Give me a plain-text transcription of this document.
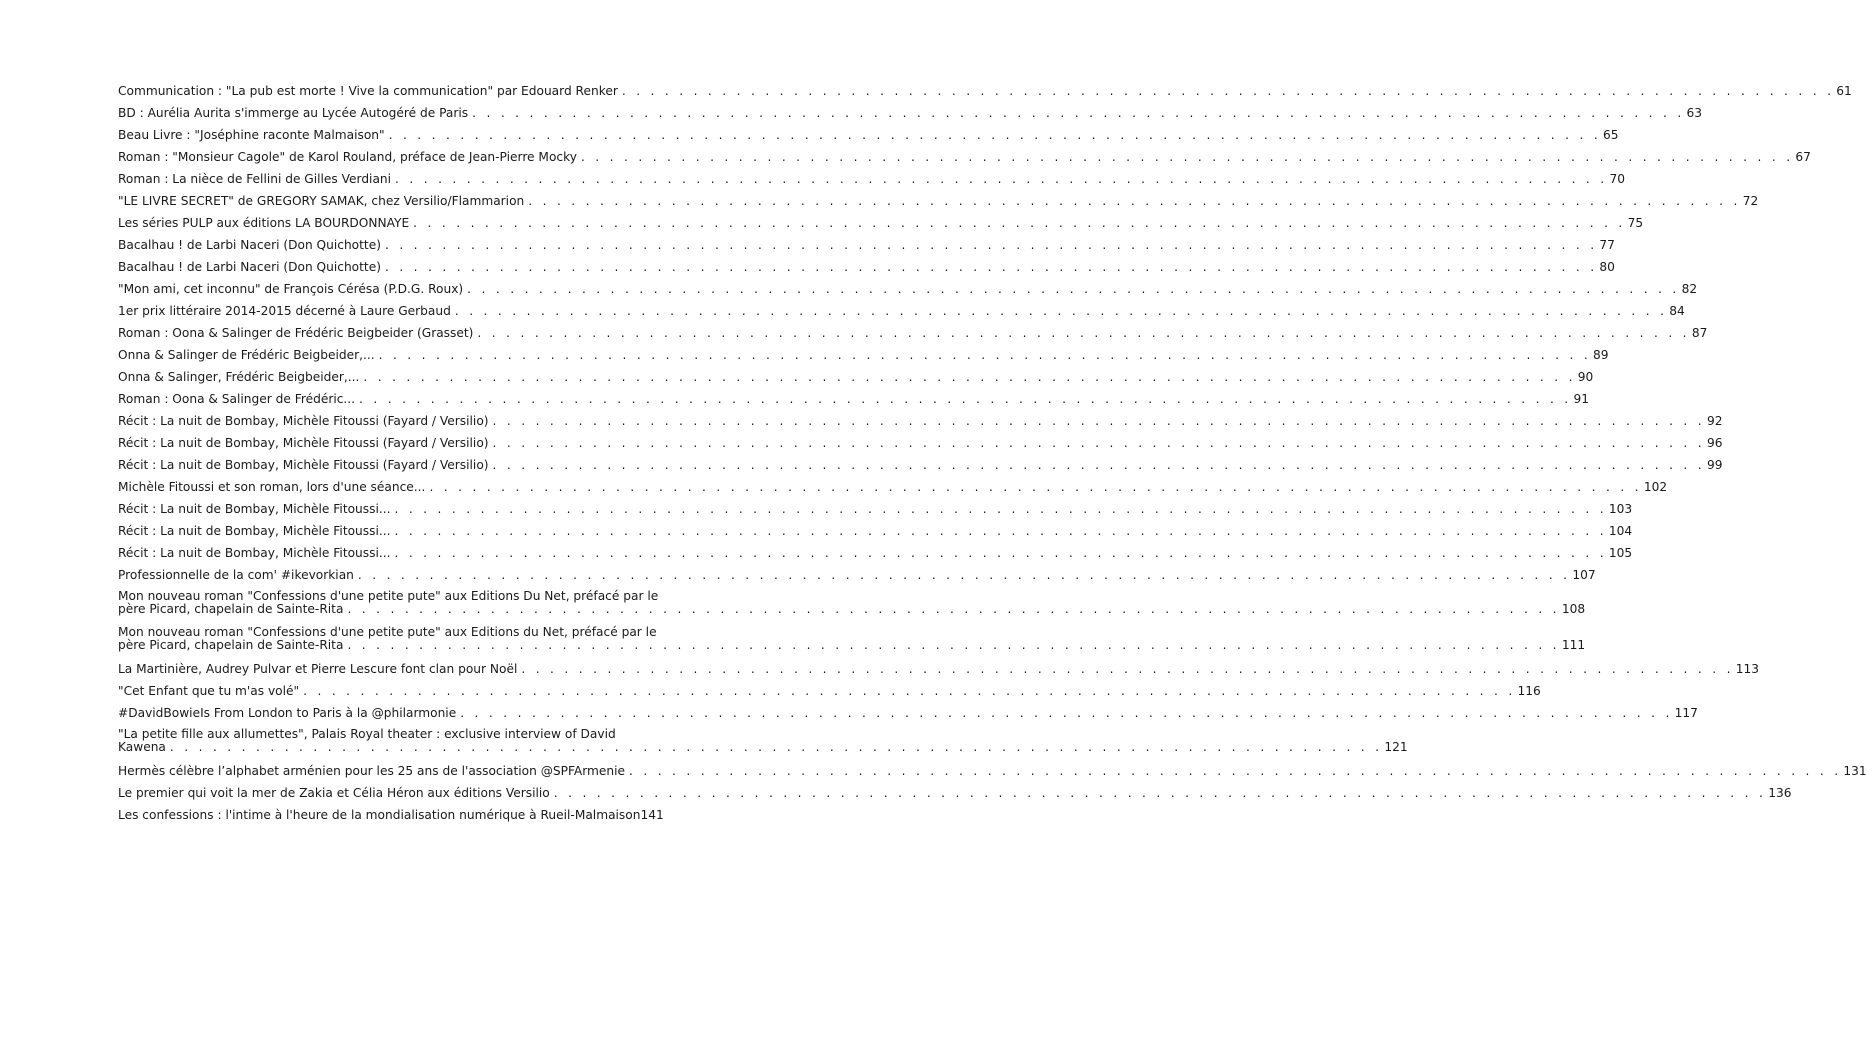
Communication : "La pub est morte ! Vive la communication" par Edouard Renker . . . . . . . . . . . . . . . . . . . . . . . . . . . . . . . . . . . . . . . . . . . . . . . . . . . . . . . . . . . . . . . . . . . . . . . . . . . . . . . . . . . . . 61
BD : Aurélia Aurita s'immerge au Lycée Autogéré de Paris . . . . . . . . . . . . . . . . . . . . . . . . . . . . . . . . . . . . . . . . . . . . . . . . . . . . . . . . . . . . . . . . . . . . . . . . . . . . . . . . . . . . . 63
Beau Livre : "Joséphine raconte Malmaison" . . . . . . . . . . . . . . . . . . . . . . . . . . . . . . . . . . . . . . . . . . . . . . . . . . . . . . . . . . . . . . . . . . . . . . . . . . . . . . . . . . . . . 65
Roman : "Monsieur Cagole" de Karol Rouland, préface de Jean-Pierre Mocky . . . . . . . . . . . . . . . . . . . . . . . . . . . . . . . . . . . . . . . . . . . . . . . . . . . . . . . . . . . . . . . . . . . . . . . . . . . . . . . . . . . . . 67
Roman : La nièce de Fellini de Gilles Verdiani . . . . . . . . . . . . . . . . . . . . . . . . . . . . . . . . . . . . . . . . . . . . . . . . . . . . . . . . . . . . . . . . . . . . . . . . . . . . . . . . . . . . . 70
"LE LIVRE SECRET" de GREGORY SAMAK, chez Versilio/Flammarion . . . . . . . . . . . . . . . . . . . . . . . . . . . . . . . . . . . . . . . . . . . . . . . . . . . . . . . . . . . . . . . . . . . . . . . . . . . . . . . . . . . . . 72
Les séries PULP aux éditions LA BOURDONNAYE . . . . . . . . . . . . . . . . . . . . . . . . . . . . . . . . . . . . . . . . . . . . . . . . . . . . . . . . . . . . . . . . . . . . . . . . . . . . . . . . . . . . . 75
Bacalhau ! de Larbi Naceri (Don Quichotte) . . . . . . . . . . . . . . . . . . . . . . . . . . . . . . . . . . . . . . . . . . . . . . . . . . . . . . . . . . . . . . . . . . . . . . . . . . . . . . . . . . . . . 77
Bacalhau ! de Larbi Naceri (Don Quichotte) . . . . . . . . . . . . . . . . . . . . . . . . . . . . . . . . . . . . . . . . . . . . . . . . . . . . . . . . . . . . . . . . . . . . . . . . . . . . . . . . . . . . . 80
"Mon ami, cet inconnu" de François Cérésa (P.D.G. Roux) . . . . . . . . . . . . . . . . . . . . . . . . . . . . . . . . . . . . . . . . . . . . . . . . . . . . . . . . . . . . . . . . . . . . . . . . . . . . . . . . . . . . . 82
1er prix littéraire 2014-2015 décerné à Laure Gerbaud . . . . . . . . . . . . . . . . . . . . . . . . . . . . . . . . . . . . . . . . . . . . . . . . . . . . . . . . . . . . . . . . . . . . . . . . . . . . . . . . . . . . . 84
Roman : Oona & Salinger de Frédéric Beigbeider (Grasset) . . . . . . . . . . . . . . . . . . . . . . . . . . . . . . . . . . . . . . . . . . . . . . . . . . . . . . . . . . . . . . . . . . . . . . . . . . . . . . . . . . . . . 87
Onna & Salinger de Frédéric Beigbeider,... . . . . . . . . . . . . . . . . . . . . . . . . . . . . . . . . . . . . . . . . . . . . . . . . . . . . . . . . . . . . . . . . . . . . . . . . . . . . . . . . . . . . . 89
Onna & Salinger, Frédéric Beigbeider,... . . . . . . . . . . . . . . . . . . . . . . . . . . . . . . . . . . . . . . . . . . . . . . . . . . . . . . . . . . . . . . . . . . . . . . . . . . . . . . . . . . . . . 90
Roman : Oona & Salinger de Frédéric... . . . . . . . . . . . . . . . . . . . . . . . . . . . . . . . . . . . . . . . . . . . . . . . . . . . . . . . . . . . . . . . . . . . . . . . . . . . . . . . . . . . . . 91
Récit : La nuit de Bombay, Michèle Fitoussi (Fayard / Versilio) . . . . . . . . . . . . . . . . . . . . . . . . . . . . . . . . . . . . . . . . . . . . . . . . . . . . . . . . . . . . . . . . . . . . . . . . . . . . . . . . . . . . . 92
Récit : La nuit de Bombay, Michèle Fitoussi (Fayard / Versilio) . . . . . . . . . . . . . . . . . . . . . . . . . . . . . . . . . . . . . . . . . . . . . . . . . . . . . . . . . . . . . . . . . . . . . . . . . . . . . . . . . . . . . 96
Récit : La nuit de Bombay, Michèle Fitoussi (Fayard / Versilio) . . . . . . . . . . . . . . . . . . . . . . . . . . . . . . . . . . . . . . . . . . . . . . . . . . . . . . . . . . . . . . . . . . . . . . . . . . . . . . . . . . . . . 99
Michèle Fitoussi et son roman, lors d'une séance... . . . . . . . . . . . . . . . . . . . . . . . . . . . . . . . . . . . . . . . . . . . . . . . . . . . . . . . . . . . . . . . . . . . . . . . . . . . . . . . . . . . . . 102
Récit : La nuit de Bombay, Michèle Fitoussi... . . . . . . . . . . . . . . . . . . . . . . . . . . . . . . . . . . . . . . . . . . . . . . . . . . . . . . . . . . . . . . . . . . . . . . . . . . . . . . . . . . . . . 103
Récit : La nuit de Bombay, Michèle Fitoussi... . . . . . . . . . . . . . . . . . . . . . . . . . . . . . . . . . . . . . . . . . . . . . . . . . . . . . . . . . . . . . . . . . . . . . . . . . . . . . . . . . . . . . 104
Récit : La nuit de Bombay, Michèle Fitoussi... . . . . . . . . . . . . . . . . . . . . . . . . . . . . . . . . . . . . . . . . . . . . . . . . . . . . . . . . . . . . . . . . . . . . . . . . . . . . . . . . . . . . . 105
Professionnelle de la com' #ikevorkian . . . . . . . . . . . . . . . . . . . . . . . . . . . . . . . . . . . . . . . . . . . . . . . . . . . . . . . . . . . . . . . . . . . . . . . . . . . . . . . . . . . . . 107
Mon nouveau roman "Confessions d'une petite pute" aux Editions Du Net, préfacé par le
père Picard, chapelain de Sainte-Rita . . . . . . . . . . . . . . . . . . . . . . . . . . . . . . . . . . . . . . . . . . . . . . . . . . . . . . . . . . . . . . . . . . . . . . . . . . . . . . . . . . . . . 108
Mon nouveau roman "Confessions d'une petite pute" aux Editions du Net, préfacé par le
père Picard, chapelain de Sainte-Rita . . . . . . . . . . . . . . . . . . . . . . . . . . . . . . . . . . . . . . . . . . . . . . . . . . . . . . . . . . . . . . . . . . . . . . . . . . . . . . . . . . . . . 111
La Martinière, Audrey Pulvar et Pierre Lescure font clan pour Noël . . . . . . . . . . . . . . . . . . . . . . . . . . . . . . . . . . . . . . . . . . . . . . . . . . . . . . . . . . . . . . . . . . . . . . . . . . . . . . . . . . . . . 113
"Cet Enfant que tu m'as volé" . . . . . . . . . . . . . . . . . . . . . . . . . . . . . . . . . . . . . . . . . . . . . . . . . . . . . . . . . . . . . . . . . . . . . . . . . . . . . . . . . . . . . 116
#DavidBowieIs From London to Paris à la @philarmonie . . . . . . . . . . . . . . . . . . . . . . . . . . . . . . . . . . . . . . . . . . . . . . . . . . . . . . . . . . . . . . . . . . . . . . . . . . . . . . . . . . . . . 117
"La petite fille aux allumettes", Palais Royal theater : exclusive interview of David
Kawena . . . . . . . . . . . . . . . . . . . . . . . . . . . . . . . . . . . . . . . . . . . . . . . . . . . . . . . . . . . . . . . . . . . . . . . . . . . . . . . . . . . . . 121
Hermès célèbre l’alphabet arménien pour les 25 ans de l'association @SPFArmenie . . . . . . . . . . . . . . . . . . . . . . . . . . . . . . . . . . . . . . . . . . . . . . . . . . . . . . . . . . . . . . . . . . . . . . . . . . . . . . . . . . . . . 131
Le premier qui voit la mer de Zakia et Célia Héron aux éditions Versilio . . . . . . . . . . . . . . . . . . . . . . . . . . . . . . . . . . . . . . . . . . . . . . . . . . . . . . . . . . . . . . . . . . . . . . . . . . . . . . . . . . . . . 136
Les confessions : l'intime à l'heure de la mondialisation numérique à Rueil-Malmaison 141
